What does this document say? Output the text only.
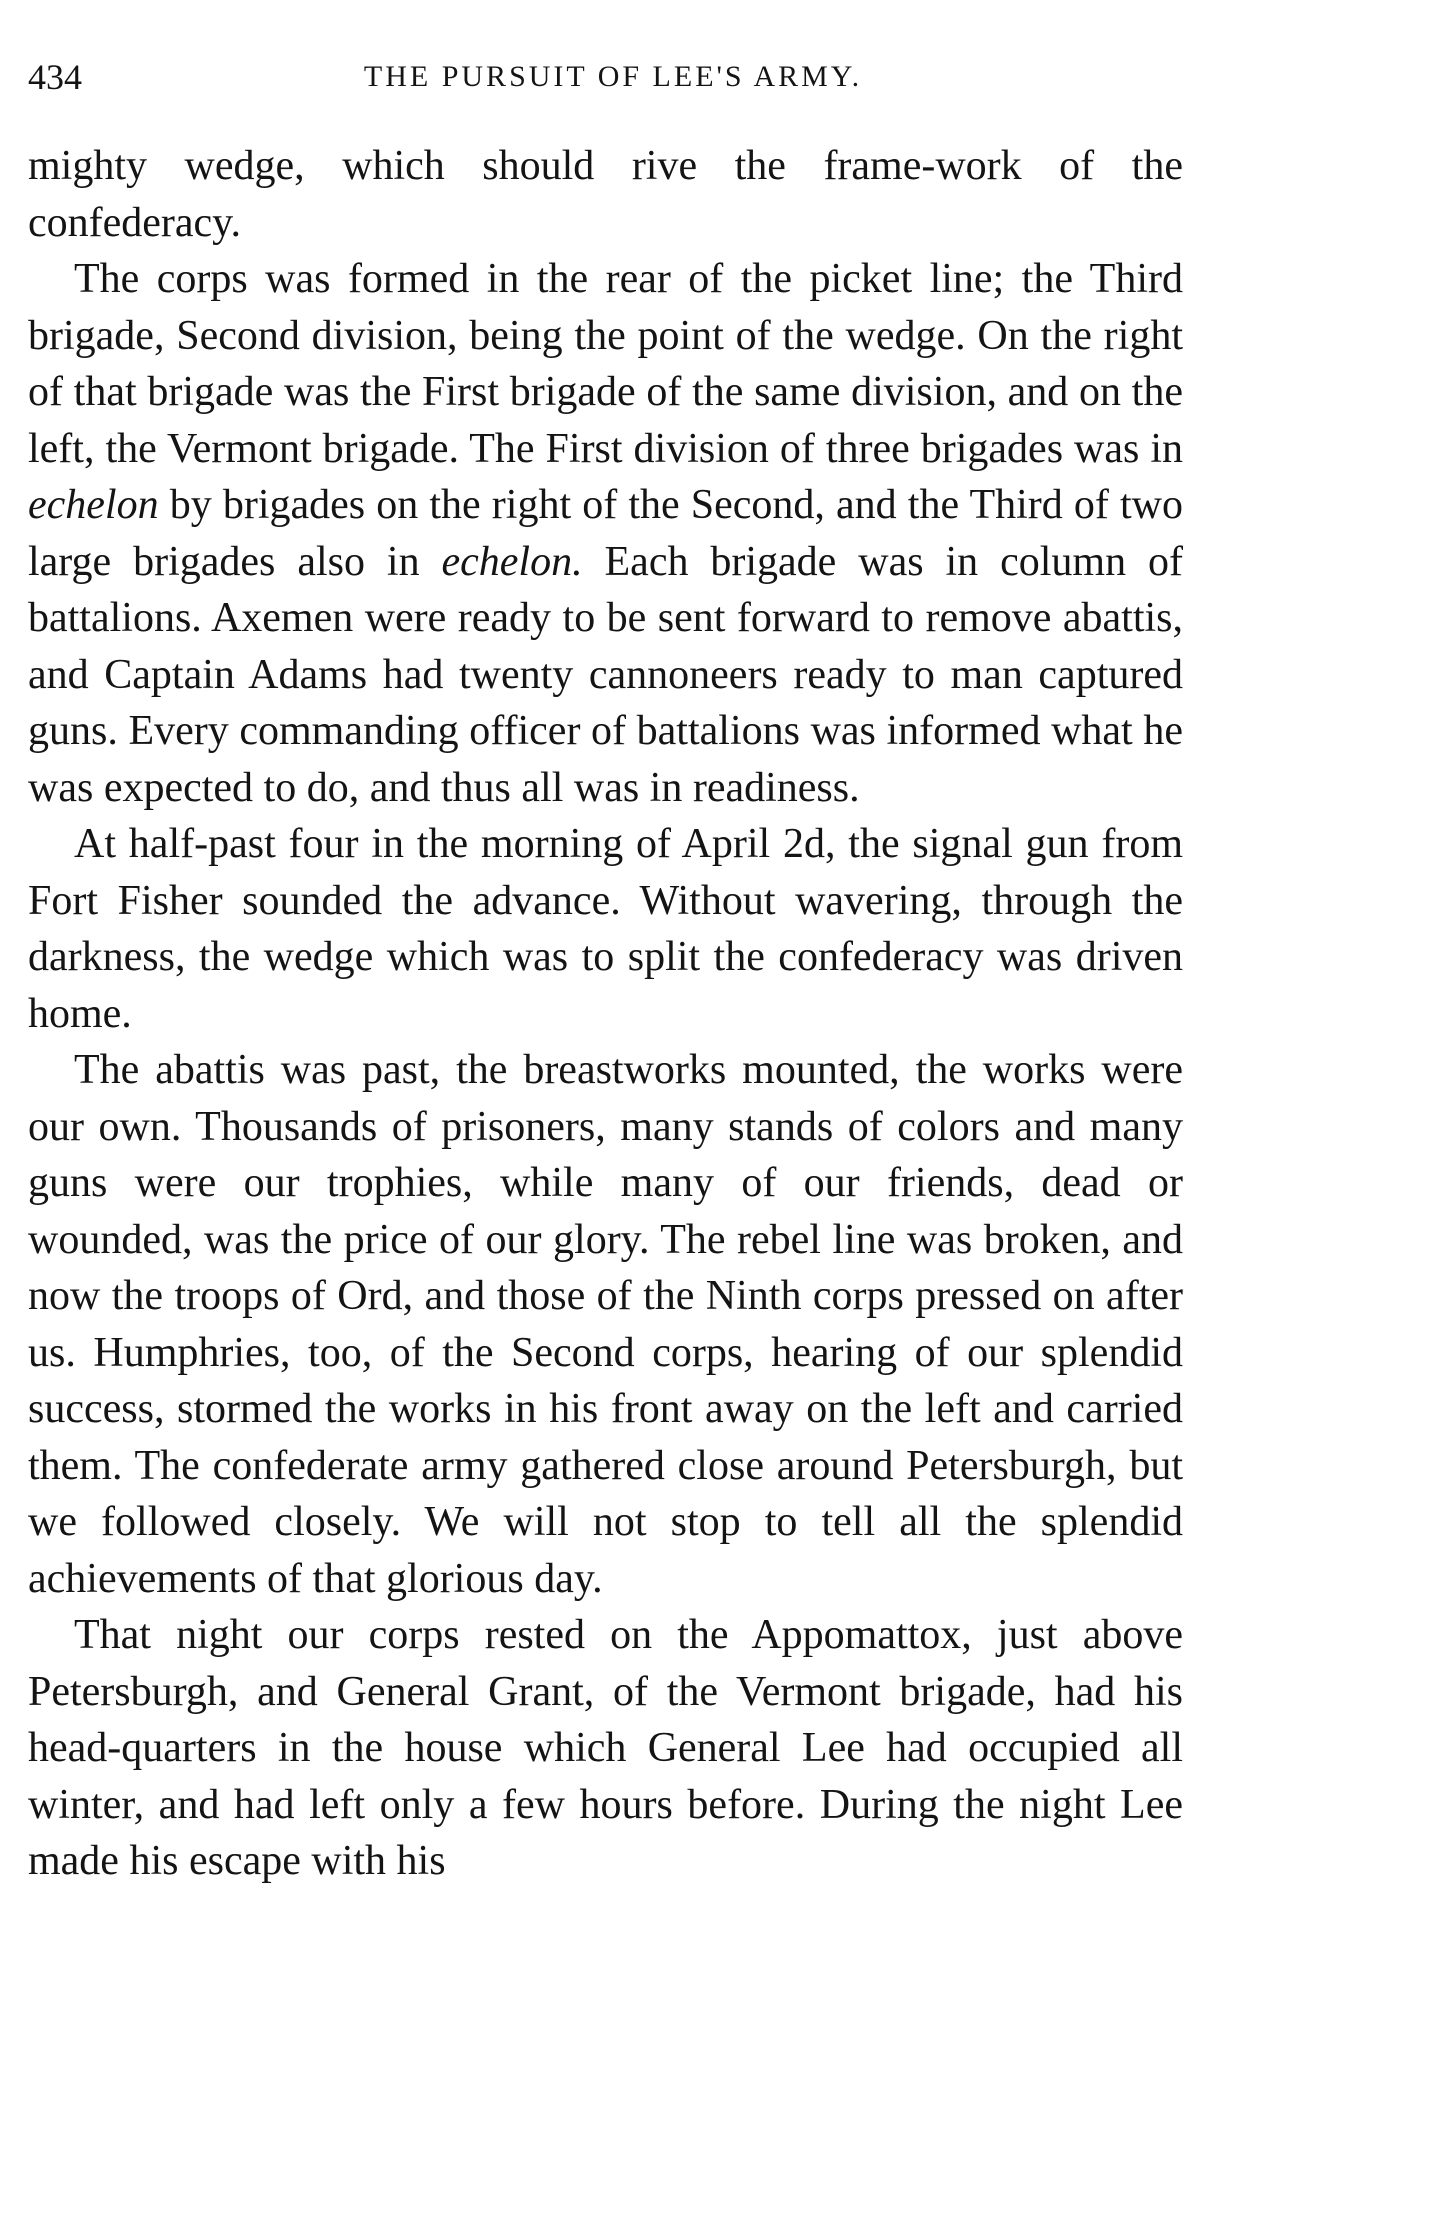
434	THE PURSUIT OF LEE'S ARMY.

mighty wedge, which should rive the frame-work of the confederacy.

The corps was formed in the rear of the picket line; the Third brigade, Second division, being the point of the wedge. On the right of that brigade was the First brigade of the same division, and on the left, the Vermont brigade. The First division of three brigades was in echelon by brigades on the right of the Second, and the Third of two large brigades also in echelon. Each brigade was in column of battalions. Axemen were ready to be sent forward to remove abattis, and Captain Adams had twenty cannoneers ready to man captured guns. Every commanding officer of battalions was informed what he was expected to do, and thus all was in readiness.

At half-past four in the morning of April 2d, the signal gun from Fort Fisher sounded the advance. Without wavering, through the darkness, the wedge which was to split the confederacy was driven home.

The abattis was past, the breastworks mounted, the works were our own. Thousands of prisoners, many stands of colors and many guns were our trophies, while many of our friends, dead or wounded, was the price of our glory. The rebel line was broken, and now the troops of Ord, and those of the Ninth corps pressed on after us. Humphries, too, of the Second corps, hearing of our splendid success, stormed the works in his front away on the left and carried them. The confederate army gathered close around Petersburgh, but we followed closely. We will not stop to tell all the splendid achievements of that glorious day.

That night our corps rested on the Appomattox, just above Petersburgh, and General Grant, of the Vermont brigade, had his head-quarters in the house which General Lee had occupied all winter, and had left only a few hours before. During the night Lee made his escape with his
